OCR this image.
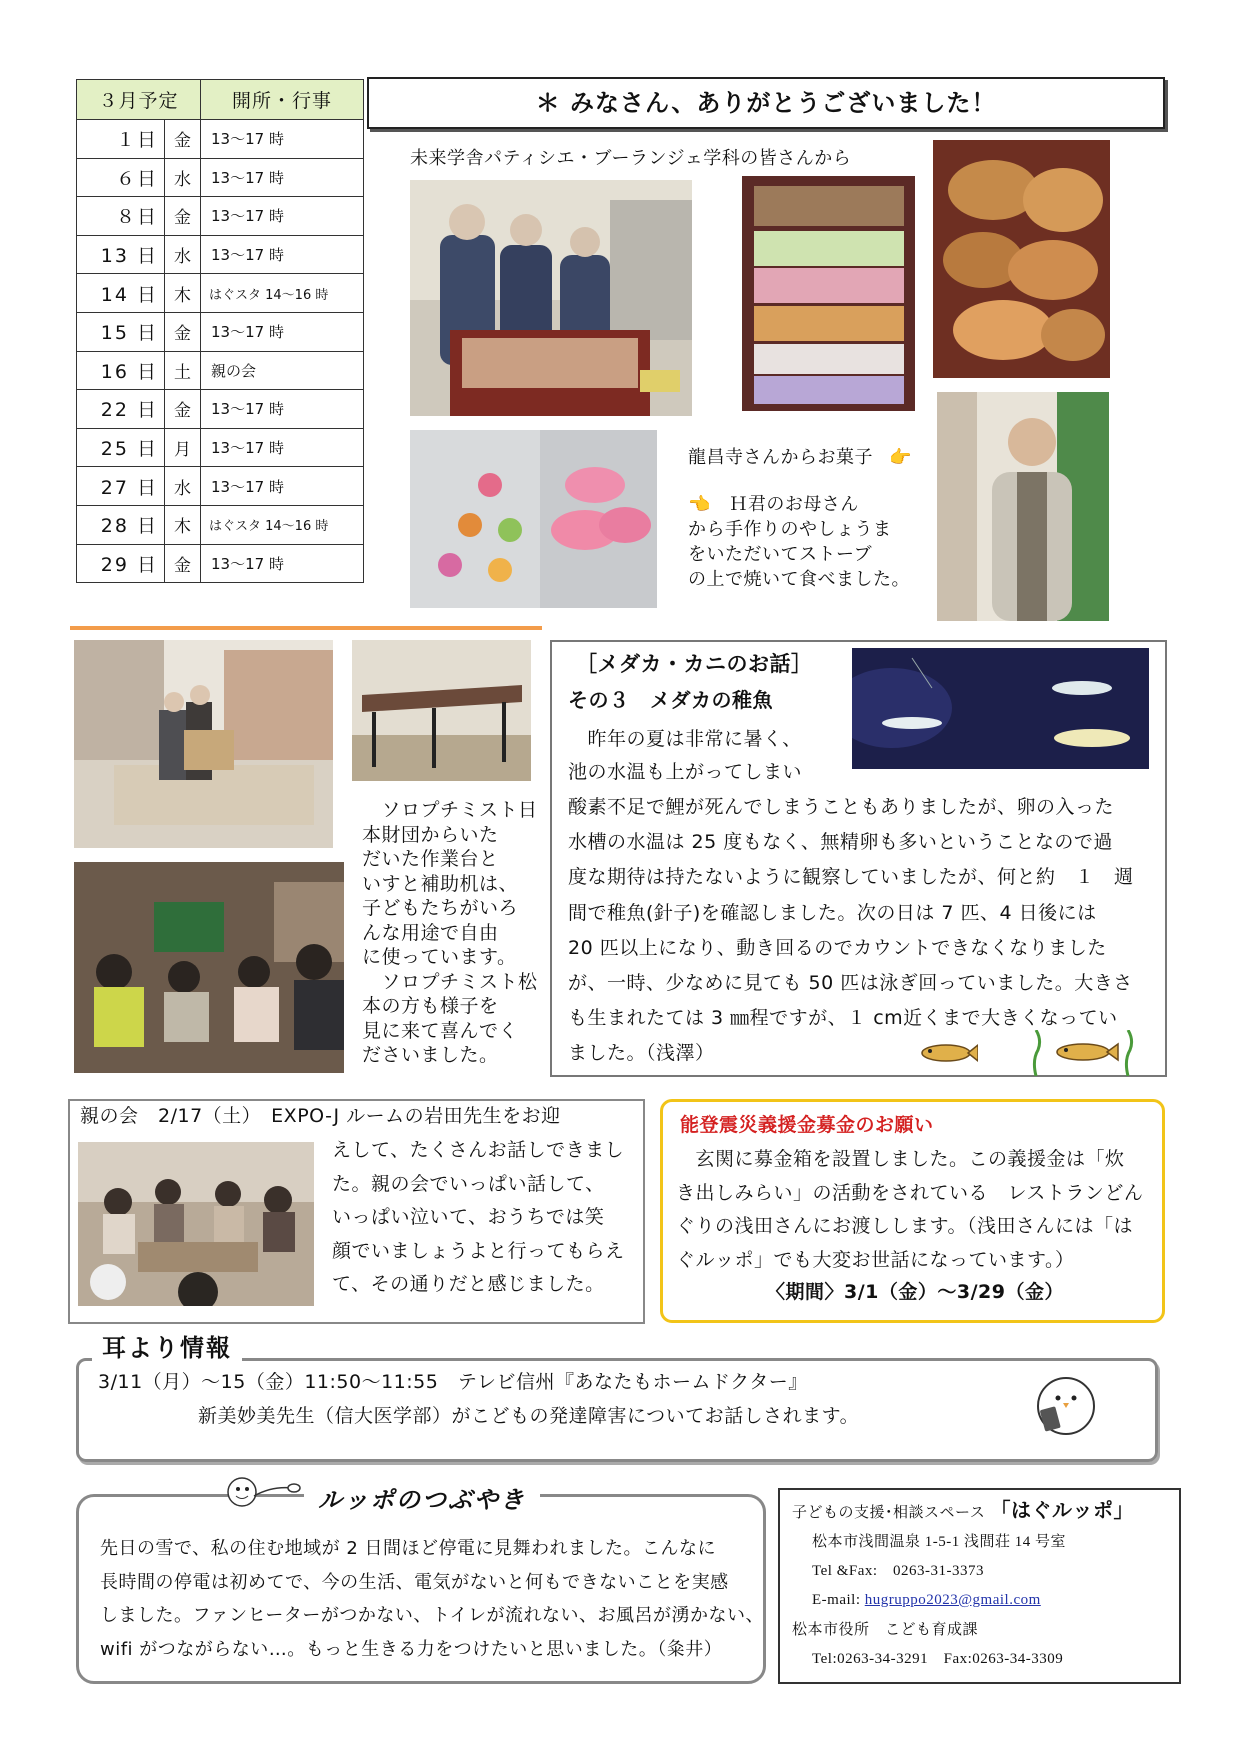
３月予定		開所・行事
１日	金	13～17 時
６日	水	13～17 時
８日	金	13～17 時
13 日	水	13～17 時
14 日	木	はぐスタ 14～16 時
15 日	金	13～17 時
16 日	土	親の会
22 日	金	13～17 時
25 日	月	13～17 時
27 日	水	13～17 時
28 日	木	はぐスタ 14～16 時
29 日	金	13～17 時
＊ みなさん、ありがとうございました！
未来学舎パティシエ・ブーランジェ学科の皆さんから
龍昌寺さんからお菓子 👉
👈　Ｈ君のお母さん
から手作りのやしょうま
をいただいてストーブ
の上で焼いて食べました。
　ソロプチミスト日
本財団からいた
だいた作業台と
いすと補助机は、
子どもたちがいろ
んな用途で自由
に使っています。
　ソロプチミスト松
本の方も様子を
見に来て喜んでく
ださいました。
［メダカ・カニのお話］
その３　メダカの稚魚
　昨年の夏は非常に暑く、
池の水温も上がってしまい
酸素不足で鯉が死んでしまうこともありましたが、卵の入った
水槽の水温は 25 度もなく、無精卵も多いということなので過
度な期待は持たないように観察していましたが、何と約　１　週
間で稚魚(針子)を確認しました。次の日は 7 匹、4 日後には
20 匹以上になり、動き回るのでカウントできなくなりました
が、一時、少なめに見ても 50 匹は泳ぎ回っていました。大きさ
も生まれたては 3 ㎜程ですが、１ cm近くまで大きくなってい
ました。（浅澤）
親の会　2/17（土）　EXPO-J ルームの岩田先生をお迎
えして、たくさんお話しできまし
た。親の会でいっぱい話して、
いっぱい泣いて、おうちでは笑
顔でいましょうよと行ってもらえ
て、その通りだと感じました。
能登震災義援金募金のお願い
　玄関に募金箱を設置しました。この義援金は「炊
き出しみらい」の活動をされている　レストランどん
ぐりの浅田さんにお渡しします。（浅田さんには「は
ぐルッポ」でも大変お世話になっています。）
〈期間〉3/1（金）～3/29（金）
耳より情報
3/11（月）～15（金）11:50～11:55　テレビ信州『あなたもホームドクター』
新美妙美先生（信大医学部）がこどもの発達障害についてお話しされます。
ルッポのつぶやき
先日の雪で、私の住む地域が 2 日間ほど停電に見舞われました。こんなに
長時間の停電は初めてで、今の生活、電気がないと何もできないことを実感
しました。ファンヒーターがつかない、トイレが流れない、お風呂が湧かない、
wifi がつながらない…。もっと生きる力をつけたいと思いました。（粂井）
子どもの支援･相談スペース 「はぐルッポ」
松本市浅間温泉 1-5-1 浅間荘 14 号室
Tel &Fax:　0263-31-3373
E-mail: hugruppo2023@gmail.com
松本市役所　こども育成課
Tel:0263-34-3291　Fax:0263-34-3309
